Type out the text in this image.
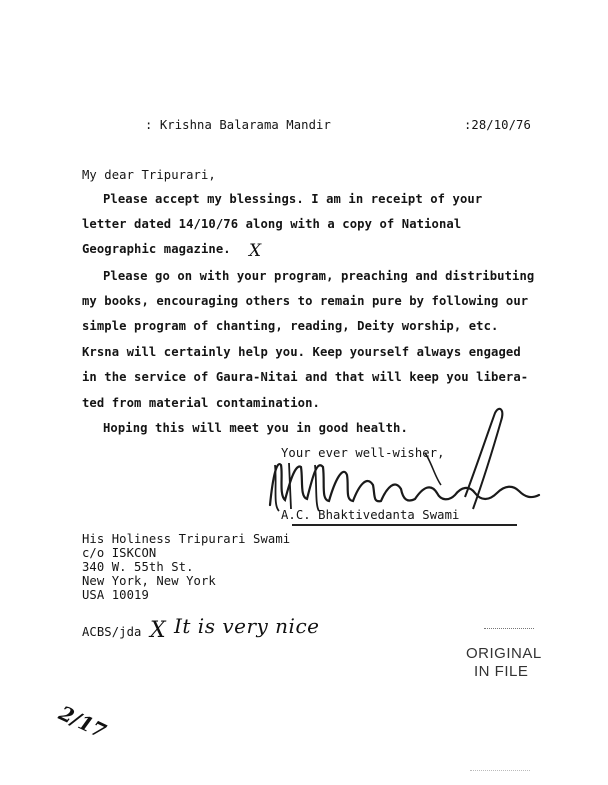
: Krishna Balarama Mandir	:28/10/76
My dear Tripurari,
Please accept my blessings. I am in receipt of your
letter dated 14/10/76 along with a copy of National
Geographic magazine. X
Please go on with your program, preaching and distributing
my books, encouraging others to remain pure by following our
simple program of chanting, reading, Deity worship, etc.
Krsna will certainly help you. Keep yourself always engaged
in the service of Gaura-Nitai and that will keep you libera-
ted from material contamination.
Hoping this will meet you in good health.
Your ever well-wisher,
A.C. Bhaktivedanta Swami
His Holiness Tripurari Swami
c/o ISKCON
340 W. 55th St.
New York, New York
USA 10019
ACBS/jda X It is very nice
ORIGINAL
IN FILE
2/17
